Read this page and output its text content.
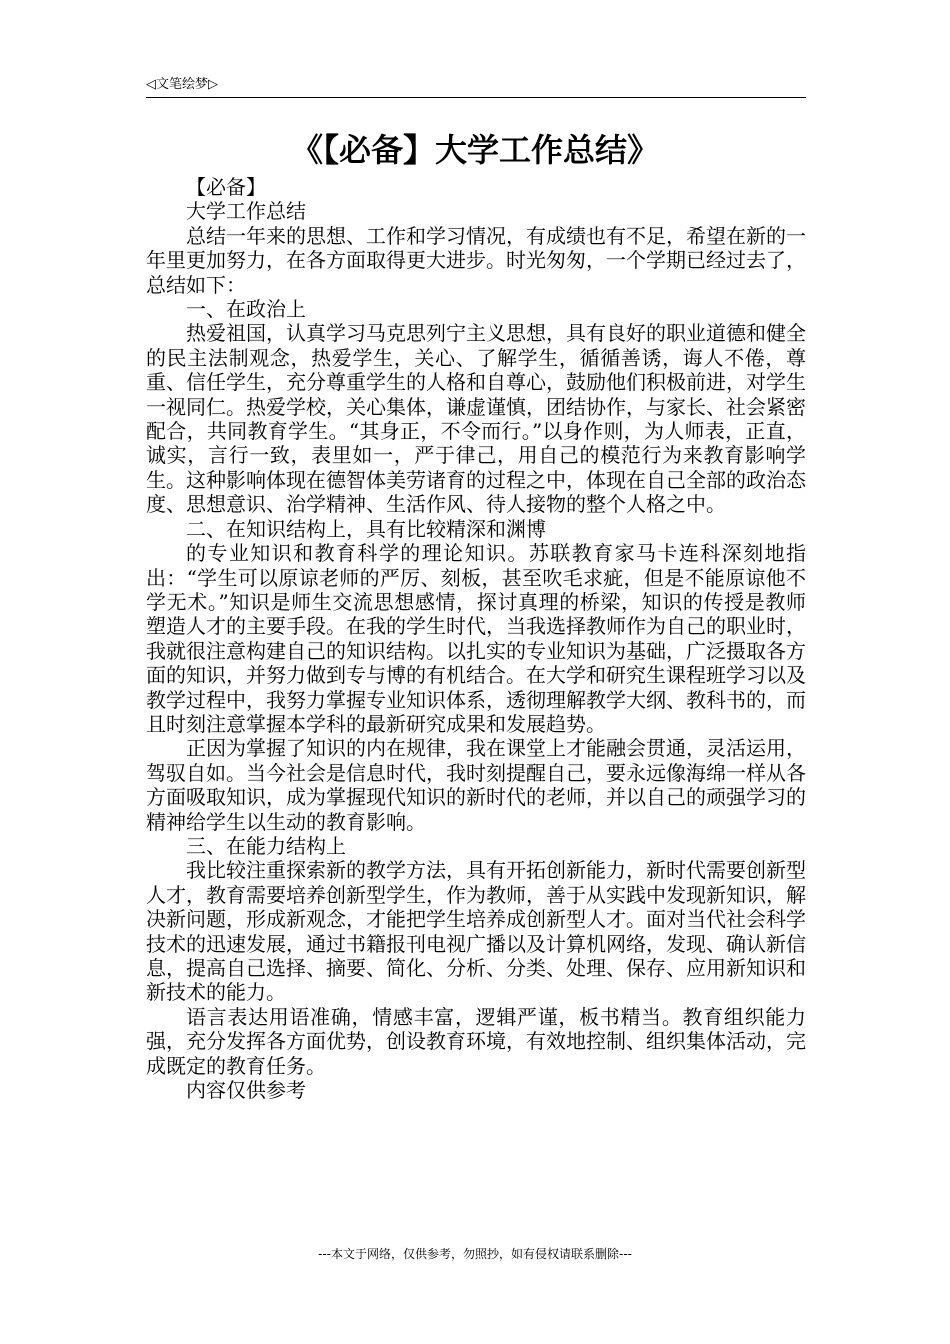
◁文笔绘梦▷
《【必备】大学工作总结》

【必备】

大学工作总结

总结一年来的思想、工作和学习情况，有成绩也有不足，希望在新的一年里更加努力，在各方面取得更大进步。时光匆匆，一个学期已经过去了，总结如下：

一、在政治上

热爱祖国，认真学习马克思列宁主义思想，具有良好的职业道德和健全的民主法制观念，热爱学生，关心、了解学生，循循善诱，诲人不倦，尊重、信任学生，充分尊重学生的人格和自尊心，鼓励他们积极前进，对学生一视同仁。热爱学校，关心集体，谦虚谨慎，团结协作，与家长、社会紧密配合，共同教育学生。“其身正，不令而行。”以身作则，为人师表，正直，诚实，言行一致，表里如一，严于律己，用自己的模范行为来教育影响学生。这种影响体现在德智体美劳诸育的过程之中，体现在自己全部的政治态度、思想意识、治学精神、生活作风、待人接物的整个人格之中。

二、在知识结构上，具有比较精深和渊博

的专业知识和教育科学的理论知识。苏联教育家马卡连科深刻地指出：“学生可以原谅老师的严厉、刻板，甚至吹毛求疵，但是不能原谅他不学无术。”知识是师生交流思想感情，探讨真理的桥梁，知识的传授是教师塑造人才的主要手段。在我的学生时代，当我选择教师作为自己的职业时，我就很注意构建自己的知识结构。以扎实的专业知识为基础，广泛摄取各方面的知识，并努力做到专与博的有机结合。在大学和研究生课程班学习以及教学过程中，我努力掌握专业知识体系，透彻理解教学大纲、教科书的，而且时刻注意掌握本学科的最新研究成果和发展趋势。

正因为掌握了知识的内在规律，我在课堂上才能融会贯通，灵活运用，驾驭自如。当今社会是信息时代，我时刻提醒自己，要永远像海绵一样从各方面吸取知识，成为掌握现代知识的新时代的老师，并以自己的顽强学习的精神给学生以生动的教育影响。

三、在能力结构上

我比较注重探索新的教学方法，具有开拓创新能力，新时代需要创新型人才，教育需要培养创新型学生，作为教师，善于从实践中发现新知识，解决新问题，形成新观念，才能把学生培养成创新型人才。面对当代社会科学技术的迅速发展，通过书籍报刊电视广播以及计算机网络，发现、确认新信息，提高自己选择、摘要、简化、分析、分类、处理、保存、应用新知识和新技术的能力。

语言表达用语准确，情感丰富，逻辑严谨，板书精当。教育组织能力强，充分发挥各方面优势，创设教育环境，有效地控制、组织集体活动，完成既定的教育任务。

内容仅供参考

---本文于网络，仅供参考，勿照抄，如有侵权请联系删除---
